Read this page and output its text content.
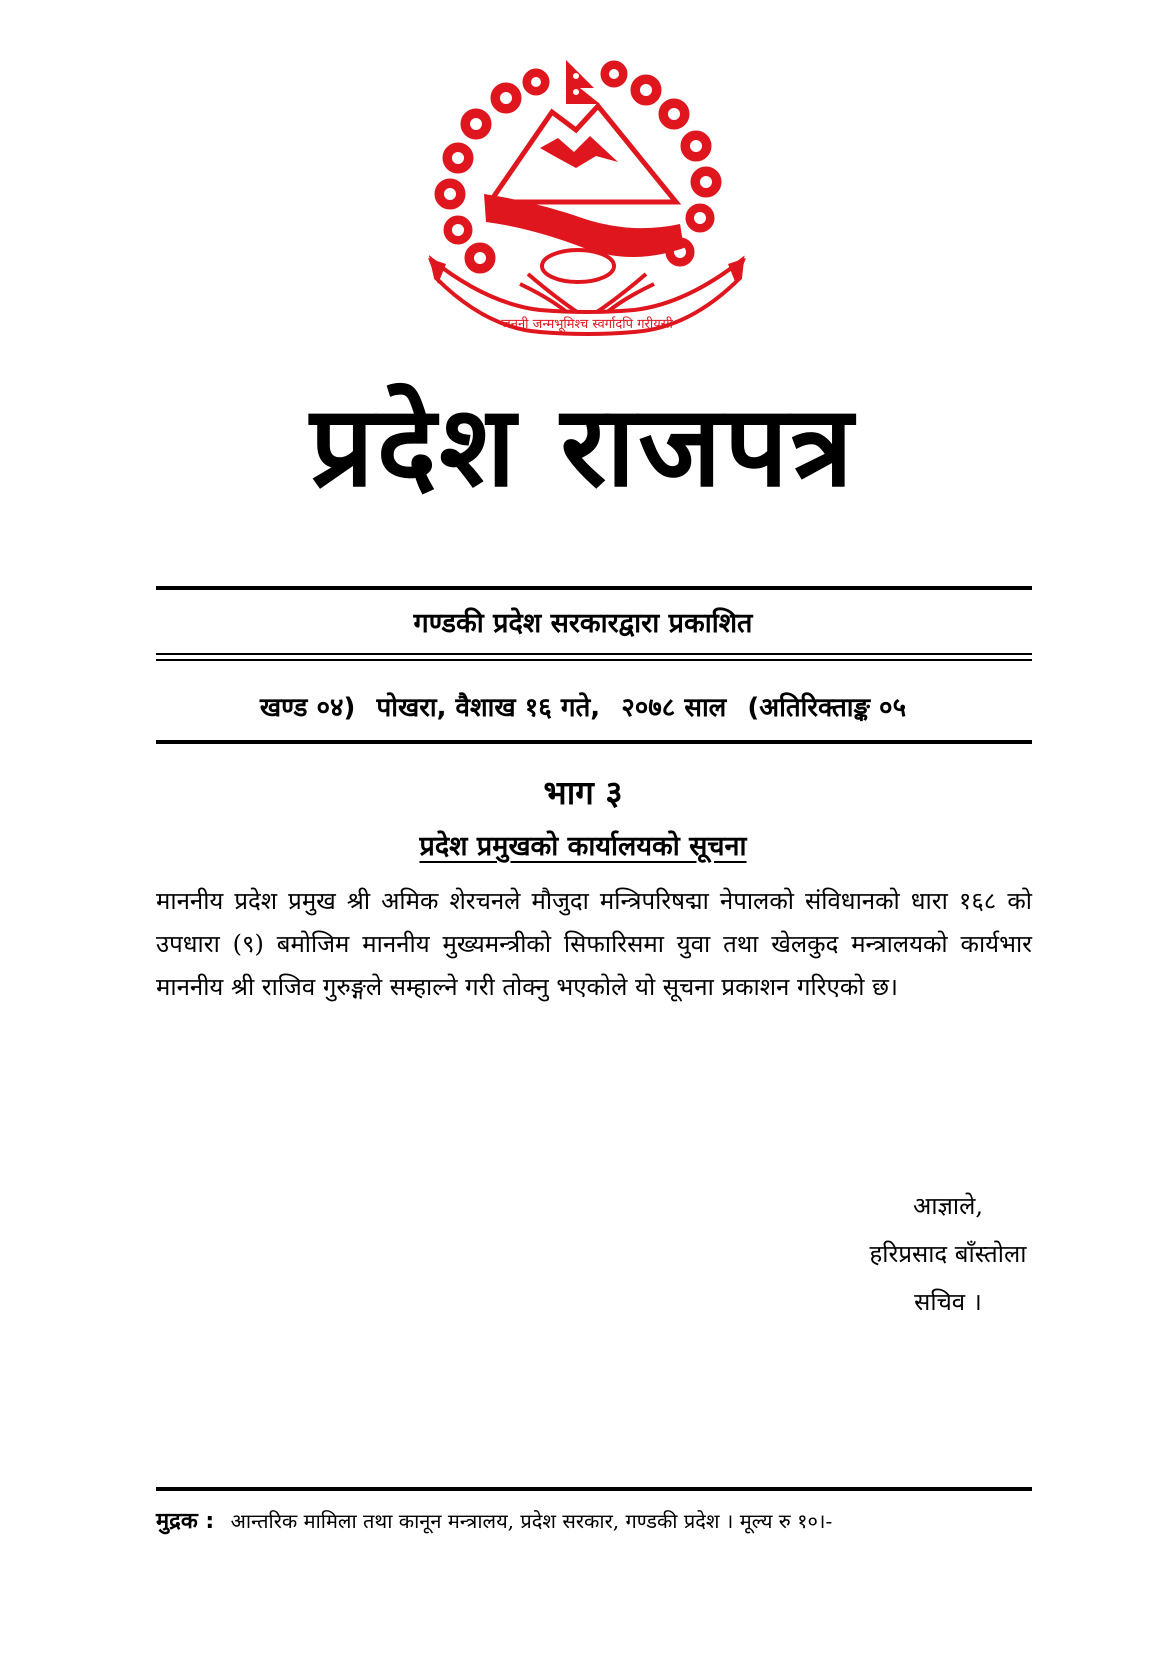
जननी जन्मभूमिश्च स्वर्गादपि गरीयसी
प्रदेश राजपत्र
गण्डकी प्रदेश सरकारद्वारा प्रकाशित
खण्ड ०४) पोखरा, वैशाख १६ गते, २०७८ साल (अतिरिक्ताङ्क ०५
भाग ३
प्रदेश प्रमुखको कार्यालयको सूचना

माननीय प्रदेश प्रमुख श्री अमिक शेरचनले मौजुदा मन्त्रिपरिषद्मा नेपालको संविधानको धारा १६८ को उपधारा (९) बमोजिम माननीय मुख्यमन्त्रीको सिफारिसमा युवा तथा खेलकुद मन्त्रालयको कार्यभार माननीय श्री राजिव गुरुङ्गले सम्हाल्ने गरी तोक्नु भएकोले यो सूचना प्रकाशन गरिएको छ।

आज्ञाले,
हरिप्रसाद बाँस्तोला
सचिव ।
मुद्रक : आन्तरिक मामिला तथा कानून मन्त्रालय, प्रदेश सरकार, गण्डकी प्रदेश । मूल्य रु १०।-
